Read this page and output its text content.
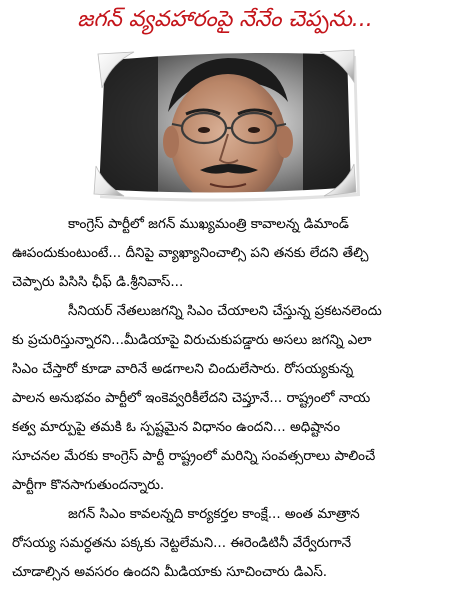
జగన్ వ్యవహారంపై నేనేం చెప్పను...

కాంగ్రెస్ పార్టీలో జగన్ ముఖ్యమంత్రి కావాలన్న డిమాండ్
ఊపందుకుంటుంటే... దీనిపై వ్యాఖ్యానించాల్సి పని తనకు లేదని తేల్చి
చెప్పారు పిసిసి ఛీఫ్ డి.శ్రీనివాస్...

సీనియర్ నేతలుజగన్ని సిఎం చేయాలని చేస్తున్న ప్రకటనలెందు
కు ప్రచురిస్తున్నారని...మీడియాపై విరుచుకుపడ్డారు అసలు జగన్ని ఎలా
సిఎం చేస్తారో కూడా వారినే అడగాలని చిందులేసారు. రోసయ్యకున్న
పాలన అనుభవం పార్టీలో ఇంకెవ్వరికీలేదని చెప్తూనే... రాష్ట్రంలో నాయ
కత్వ మార్పుపై తమకి ఓ స్పష్టమైన విధానం ఉందని... అధిష్టానం
సూచనల మేరకు కాంగ్రెస్ పార్టీ రాష్ట్రంలో మరిన్ని సంవత్సరాలు పాలించే
పార్టీగా కొనసాగుతుందన్నారు.

జగన్ సిఎం కావలన్నది కార్యకర్తల కాంక్షే... అంత మాత్రాన
రోసయ్య సమర్ధతను పక్కకు నెట్టలేమని... ఈరెండిటినీ వేర్వేరుగానే
చూడాల్సిన అవసరం ఉందని మీడియాకు సూచించారు డిఎస్.
